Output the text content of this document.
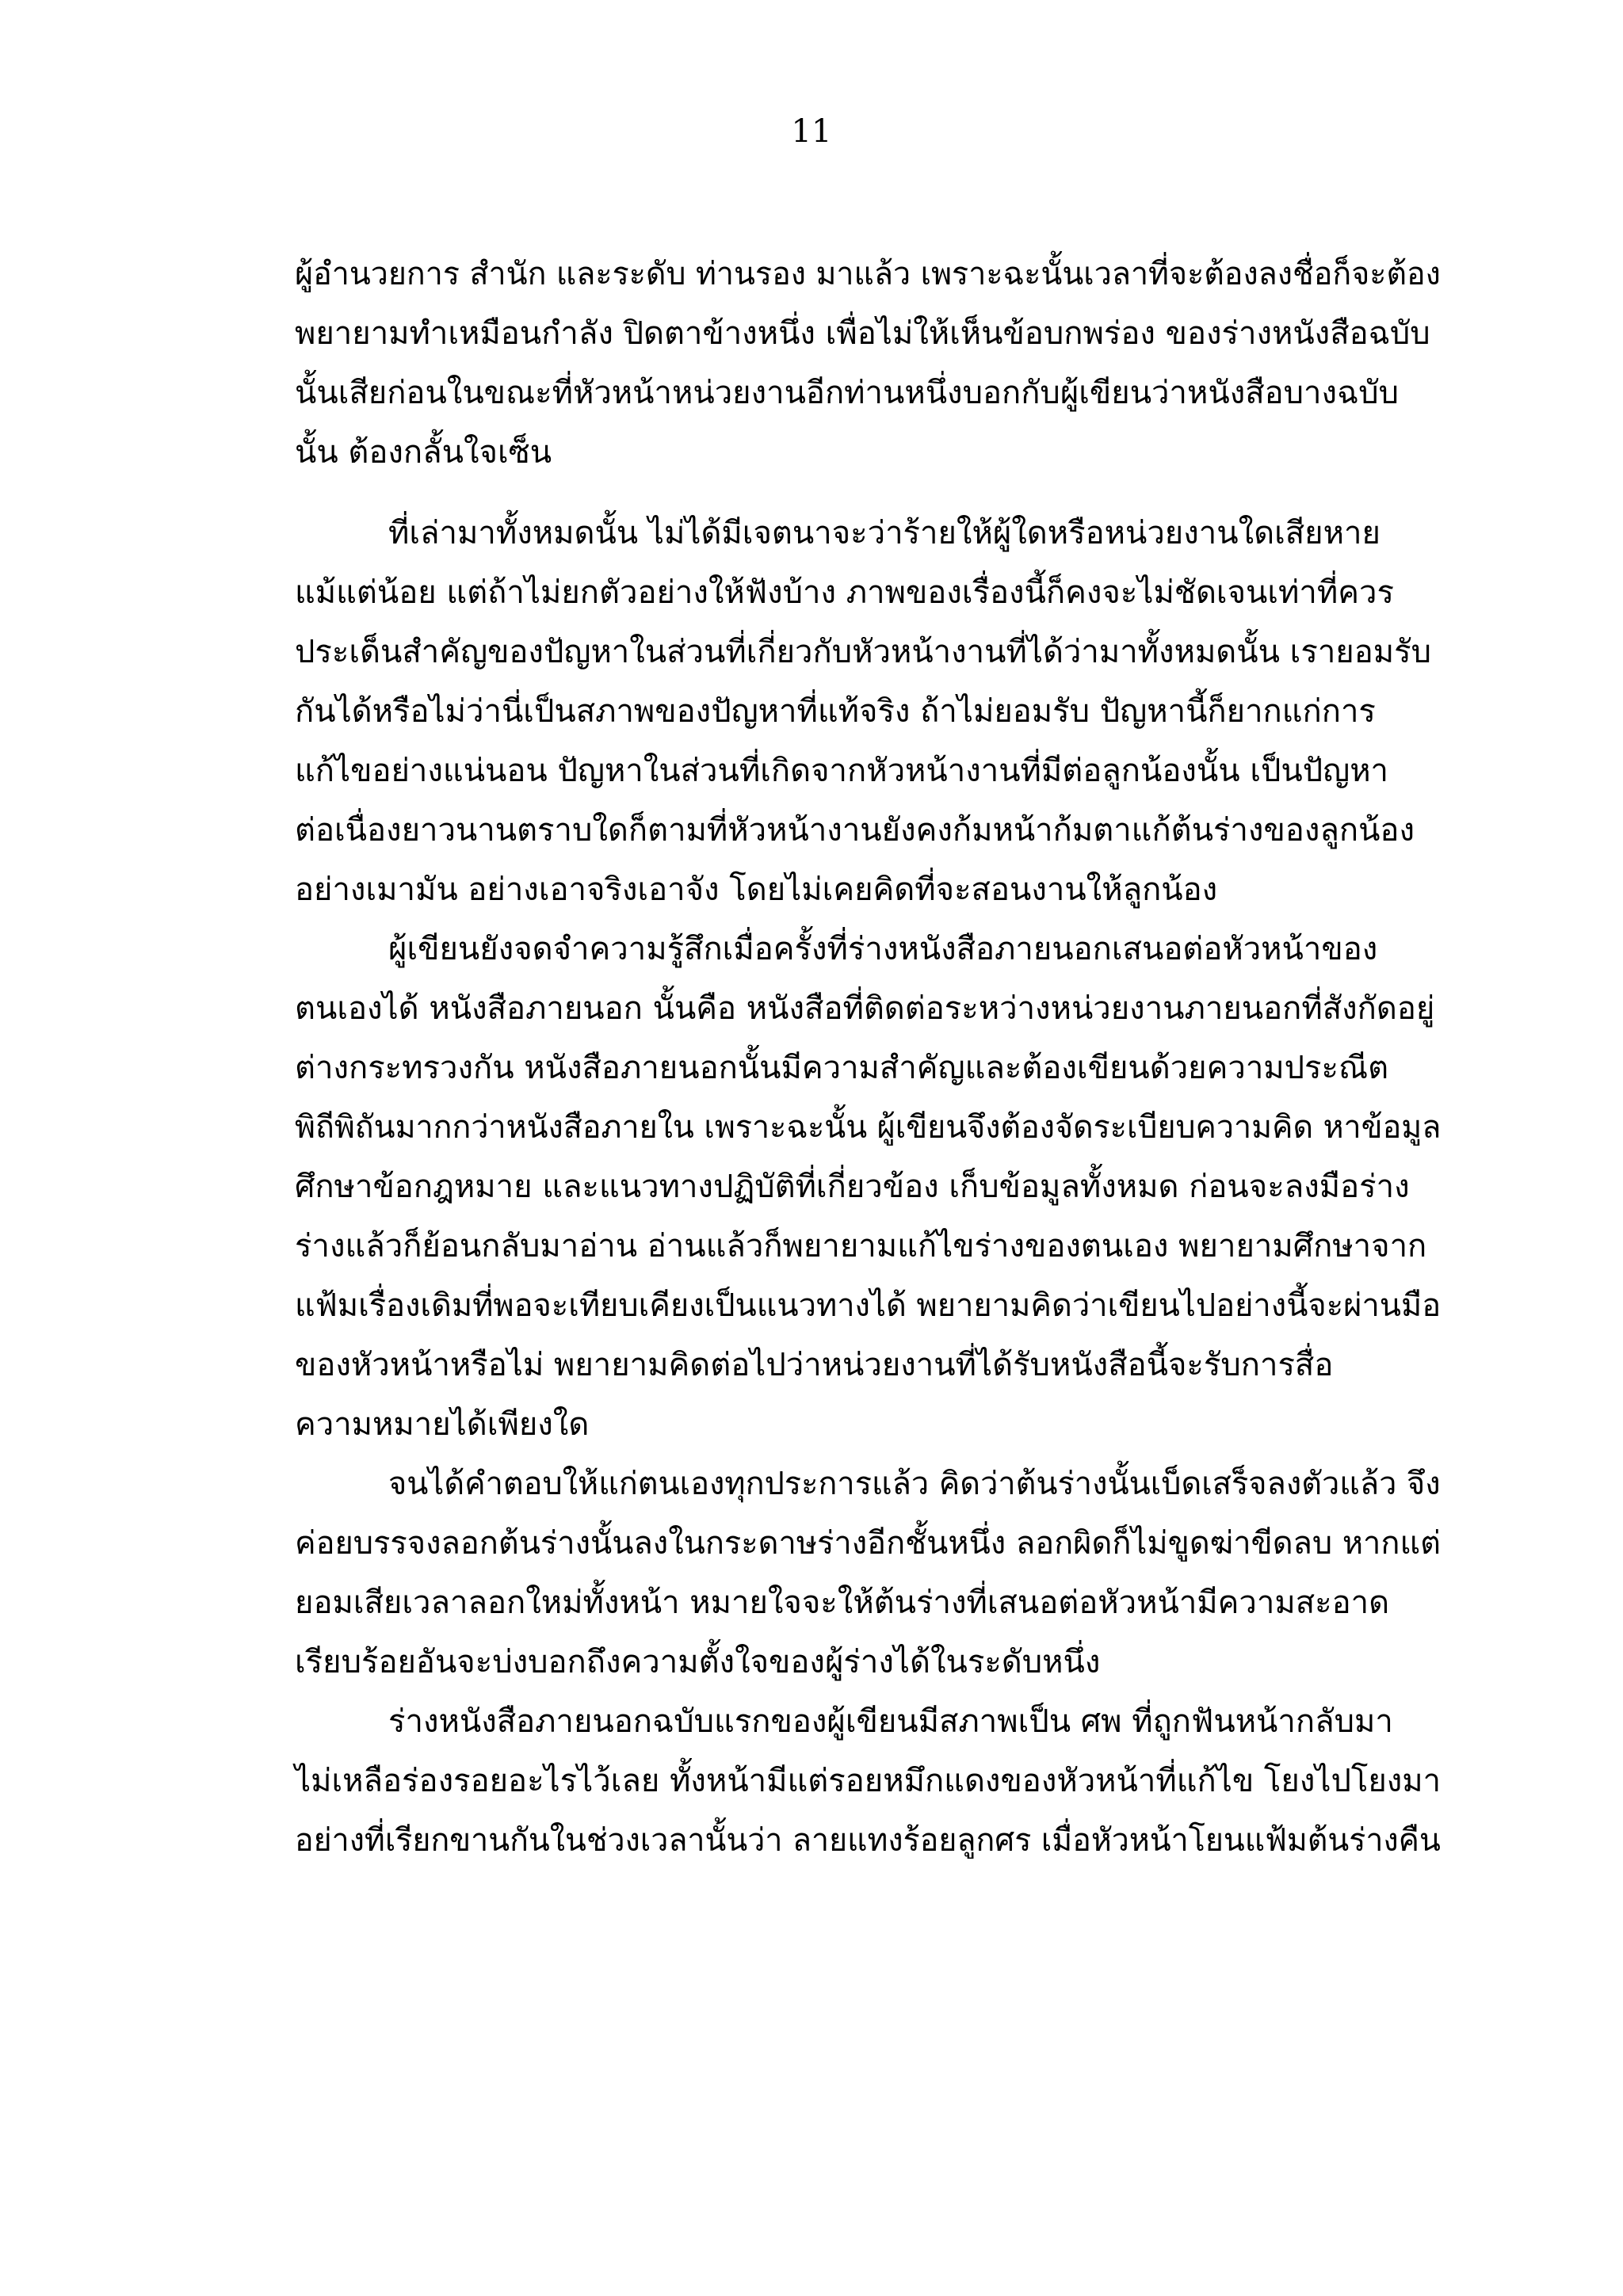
11
ผู้อำนวยการ สำนัก และระดับ ท่านรอง มาแล้ว เพราะฉะนั้นเวลาที่จะต้องลงชื่อก็จะต้อง
พยายามทำเหมือนกำลัง ปิดตาข้างหนึ่ง เพื่อไม่ให้เห็นข้อบกพร่อง ของร่างหนังสือฉบับ
นั้นเสียก่อนในขณะที่หัวหน้าหน่วยงานอีกท่านหนึ่งบอกกับผู้เขียนว่าหนังสือบางฉบับ
นั้น ต้องกลั้นใจเซ็น
ที่เล่ามาทั้งหมดนั้น ไม่ได้มีเจตนาจะว่าร้ายให้ผู้ใดหรือหน่วยงานใดเสียหาย
แม้แต่น้อย แต่ถ้าไม่ยกตัวอย่างให้ฟังบ้าง ภาพของเรื่องนี้ก็คงจะไม่ชัดเจนเท่าที่ควร
ประเด็นสำคัญของปัญหาในส่วนที่เกี่ยวกับหัวหน้างานที่ได้ว่ามาทั้งหมดนั้น เรายอมรับ
กันได้หรือไม่ว่านี่เป็นสภาพของปัญหาที่แท้จริง ถ้าไม่ยอมรับ ปัญหานี้ก็ยากแก่การ
แก้ไขอย่างแน่นอน ปัญหาในส่วนที่เกิดจากหัวหน้างานที่มีต่อลูกน้องนั้น เป็นปัญหา
ต่อเนื่องยาวนานตราบใดก็ตามที่หัวหน้างานยังคงก้มหน้าก้มตาแก้ต้นร่างของลูกน้อง
อย่างเมามัน อย่างเอาจริงเอาจัง โดยไม่เคยคิดที่จะสอนงานให้ลูกน้อง
ผู้เขียนยังจดจำความรู้สึกเมื่อครั้งที่ร่างหนังสือภายนอกเสนอต่อหัวหน้าของ
ตนเองได้ หนังสือภายนอก นั้นคือ หนังสือที่ติดต่อระหว่างหน่วยงานภายนอกที่สังกัดอยู่
ต่างกระทรวงกัน หนังสือภายนอกนั้นมีความสำคัญและต้องเขียนด้วยความประณีต
พิถีพิถันมากกว่าหนังสือภายใน เพราะฉะนั้น ผู้เขียนจึงต้องจัดระเบียบความคิด หาข้อมูล
ศึกษาข้อกฎหมาย และแนวทางปฏิบัติที่เกี่ยวข้อง เก็บข้อมูลทั้งหมด ก่อนจะลงมือร่าง
ร่างแล้วก็ย้อนกลับมาอ่าน อ่านแล้วก็พยายามแก้ไขร่างของตนเอง พยายามศึกษาจาก
แฟ้มเรื่องเดิมที่พอจะเทียบเคียงเป็นแนวทางได้ พยายามคิดว่าเขียนไปอย่างนี้จะผ่านมือ
ของหัวหน้าหรือไม่ พยายามคิดต่อไปว่าหน่วยงานที่ได้รับหนังสือนี้จะรับการสื่อ
ความหมายได้เพียงใด
จนได้คำตอบให้แก่ตนเองทุกประการแล้ว คิดว่าต้นร่างนั้นเบ็ดเสร็จลงตัวแล้ว จึง
ค่อยบรรจงลอกต้นร่างนั้นลงในกระดาษร่างอีกชั้นหนึ่ง ลอกผิดก็ไม่ขูดฆ่าขีดลบ หากแต่
ยอมเสียเวลาลอกใหม่ทั้งหน้า หมายใจจะให้ต้นร่างที่เสนอต่อหัวหน้ามีความสะอาด
เรียบร้อยอันจะบ่งบอกถึงความตั้งใจของผู้ร่างได้ในระดับหนึ่ง
ร่างหนังสือภายนอกฉบับแรกของผู้เขียนมีสภาพเป็น ศพ ที่ถูกฟันหน้ากลับมา
ไม่เหลือร่องรอยอะไรไว้เลย ทั้งหน้ามีแต่รอยหมึกแดงของหัวหน้าที่แก้ไข โยงไปโยงมา
อย่างที่เรียกขานกันในช่วงเวลานั้นว่า ลายแทงร้อยลูกศร เมื่อหัวหน้าโยนแฟ้มต้นร่างคืน
